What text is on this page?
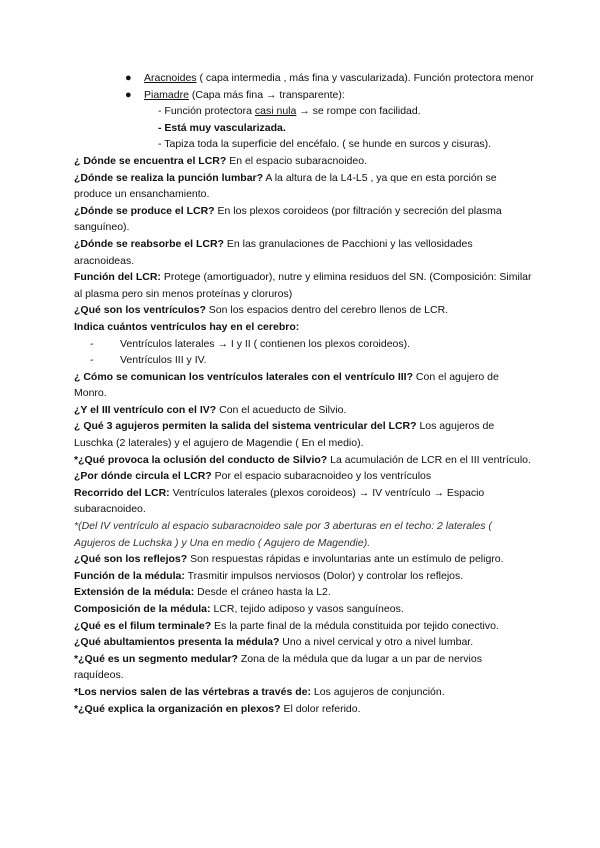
● Aracnoides ( capa intermedia , más fina y vascularizada). Función protectora menor
● Piamadre (Capa más fina → transparente):
- Función protectora casi nula → se rompe con facilidad.
- Está muy vascularizada.
- Tapiza toda la superficie del encéfalo. ( se hunde en surcos y cisuras).

¿ Dónde se encuentra el LCR? En el espacio subaracnoideo.

¿Dónde se realiza la punción lumbar? A la altura de la L4-L5 , ya que en esta porción se produce un ensanchamiento.

¿Dónde se produce el LCR? En los plexos coroideos (por filtración y secreción del plasma sanguíneo).

¿Dónde se reabsorbe el LCR? En las granulaciones de Pacchioni y las vellosidades aracnoideas.

Función del LCR: Protege (amortiguador), nutre y elimina residuos del SN. (Composición: Similar al plasma pero sin menos proteínas y cloruros)

¿Qué son los ventrículos? Son los espacios dentro del cerebro llenos de LCR.

Indica cuántos ventrículos hay en el cerebro:

-	Ventrículos laterales → I y II ( contienen los plexos coroideos).
-	Ventrículos III y IV.

¿ Cómo se comunican los ventrículos laterales con el ventrículo III? Con el agujero de Monro.

¿Y el III ventrículo con el IV? Con el acueducto de Silvio.

¿ Qué 3 agujeros permiten la salida del sistema ventricular del LCR? Los agujeros de Luschka (2 laterales) y el agujero de Magendie ( En el medio).

*¿Qué provoca la oclusión del conducto de Silvio? La acumulación de LCR en el III ventrículo.

¿Por dónde circula el LCR? Por el espacio subaracnoideo y los ventrículos

Recorrido del LCR: Ventrículos laterales (plexos coroideos) → IV ventrículo → Espacio subaracnoideo.

*(Del IV ventrículo al espacio subaracnoideo sale por 3 aberturas en el techo: 2 laterales ( Agujeros de Luchska ) y Una en medio ( Agujero de Magendie).

¿Qué son los reflejos? Son respuestas rápidas e involuntarias ante un estímulo de peligro.

Función de la médula: Trasmitir impulsos nerviosos (Dolor) y controlar los reflejos.

Extensión de la médula: Desde el cráneo hasta la L2.

Composición de la médula: LCR, tejido adiposo y vasos sanguíneos.

¿Qué es el filum terminale? Es la parte final de la médula constituida por tejido conectivo.

¿Qué abultamientos presenta la médula? Uno a nivel cervical y otro a nivel lumbar.

*¿Qué es un segmento medular? Zona de la médula que da lugar a un par de nervios raquídeos.

*Los nervios salen de las vértebras a través de: Los agujeros de conjunción.

*¿Qué explica la organización en plexos? El dolor referido.
